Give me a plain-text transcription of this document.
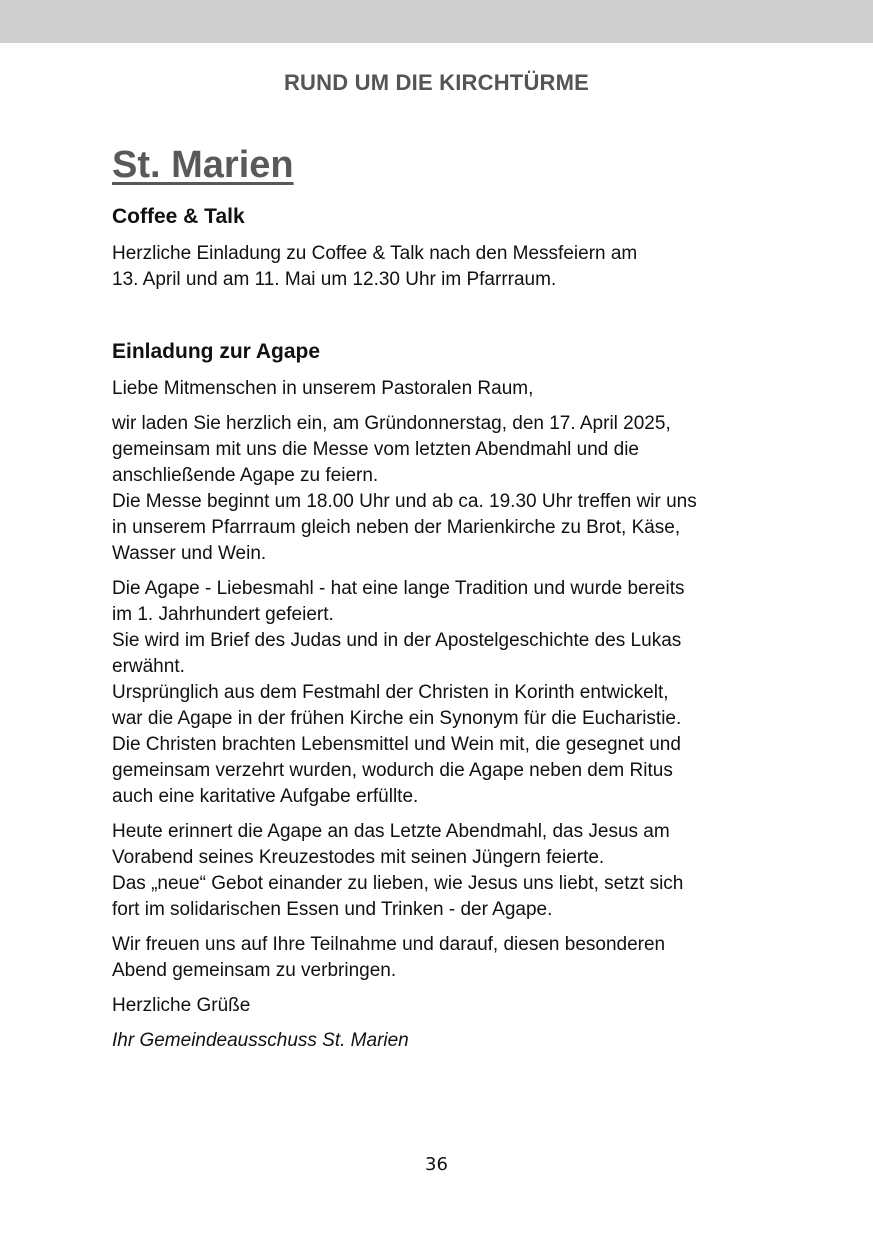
RUND UM DIE KIRCHTÜRME
St. Marien
Coffee & Talk

Herzliche Einladung zu Coffee & Talk nach den Messfeiern am
13. April und am 11. Mai um 12.30 Uhr im Pfarrraum.

Einladung zur Agape

Liebe Mitmenschen in unserem Pastoralen Raum,

wir laden Sie herzlich ein, am Gründonnerstag, den 17. April 2025,
gemeinsam mit uns die Messe vom letzten Abendmahl und die
anschließende Agape zu feiern.
Die Messe beginnt um 18.00 Uhr und ab ca. 19.30 Uhr treffen wir uns
in unserem Pfarrraum gleich neben der Marienkirche zu Brot, Käse,
Wasser und Wein.

Die Agape - Liebesmahl - hat eine lange Tradition und wurde bereits
im 1. Jahrhundert gefeiert.
Sie wird im Brief des Judas und in der Apostelgeschichte des Lukas
erwähnt.
Ursprünglich aus dem Festmahl der Christen in Korinth entwickelt,
war die Agape in der frühen Kirche ein Synonym für die Eucharistie.
Die Christen brachten Lebensmittel und Wein mit, die gesegnet und
gemeinsam verzehrt wurden, wodurch die Agape neben dem Ritus
auch eine karitative Aufgabe erfüllte.

Heute erinnert die Agape an das Letzte Abendmahl, das Jesus am
Vorabend seines Kreuzestodes mit seinen Jüngern feierte.
Das „neue“ Gebot einander zu lieben, wie Jesus uns liebt, setzt sich
fort im solidarischen Essen und Trinken - der Agape.

Wir freuen uns auf Ihre Teilnahme und darauf, diesen besonderen
Abend gemeinsam zu verbringen.

Herzliche Grüße

Ihr Gemeindeausschuss St. Marien

36
